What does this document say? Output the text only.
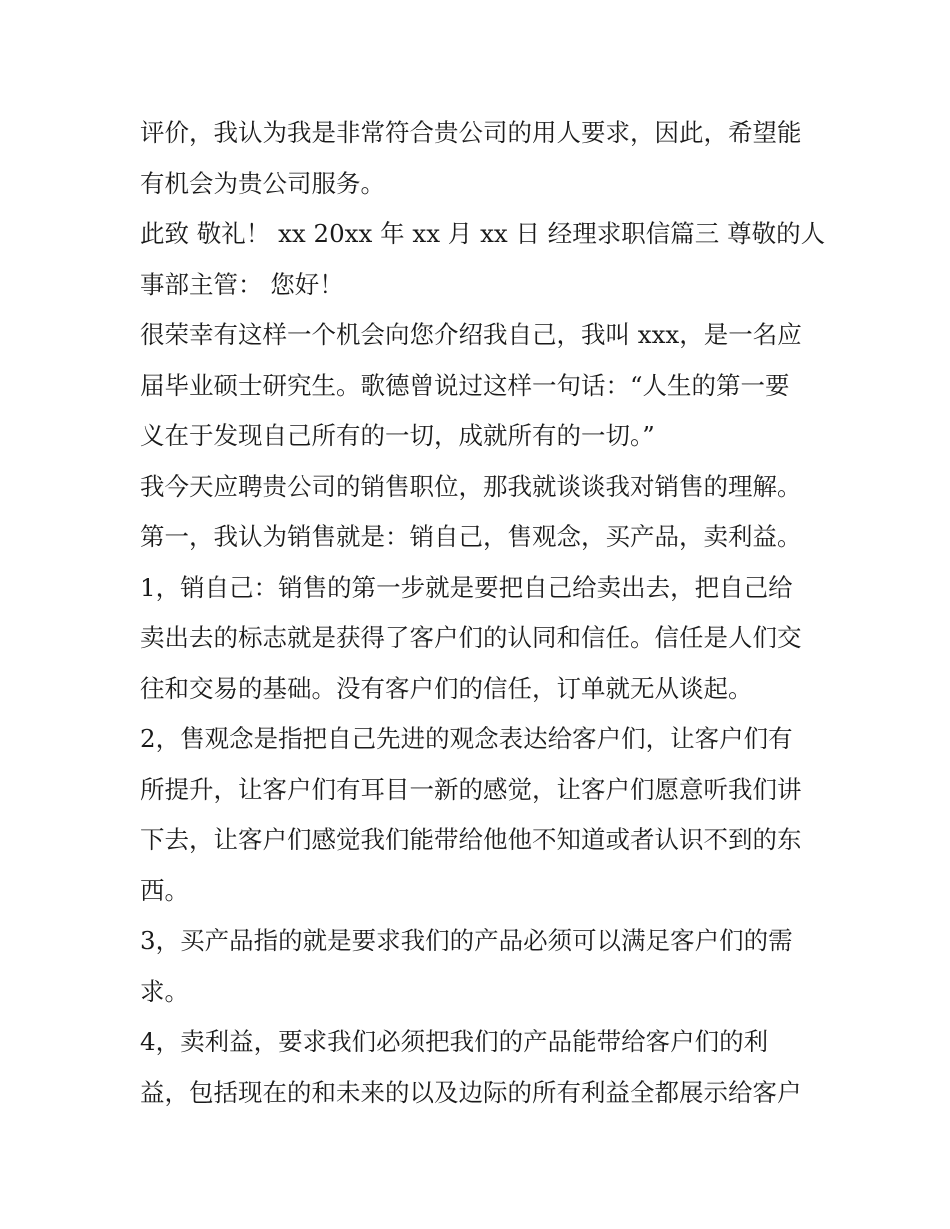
评价，我认为我是非常符合贵公司的用人要求，因此，希望能
有机会为贵公司服务。
此致 敬礼！ xx 20xx 年 xx 月 xx 日 经理求职信篇三 尊敬的人
事部主管： 您好！
很荣幸有这样一个机会向您介绍我自己，我叫 xxx，是一名应
届毕业硕士研究生。歌德曾说过这样一句话：“人生的第一要
义在于发现自己所有的一切，成就所有的一切。”
我今天应聘贵公司的销售职位，那我就谈谈我对销售的理解。
第一，我认为销售就是：销自己，售观念，买产品，卖利益。
1，销自己：销售的第一步就是要把自己给卖出去，把自己给
卖出去的标志就是获得了客户们的认同和信任。信任是人们交
往和交易的基础。没有客户们的信任，订单就无从谈起。
2，售观念是指把自己先进的观念表达给客户们，让客户们有
所提升，让客户们有耳目一新的感觉，让客户们愿意听我们讲
下去，让客户们感觉我们能带给他他不知道或者认识不到的东
西。
3，买产品指的就是要求我们的产品必须可以满足客户们的需
求。
4，卖利益，要求我们必须把我们的产品能带给客户们的利
益，包括现在的和未来的以及边际的所有利益全都展示给客户
